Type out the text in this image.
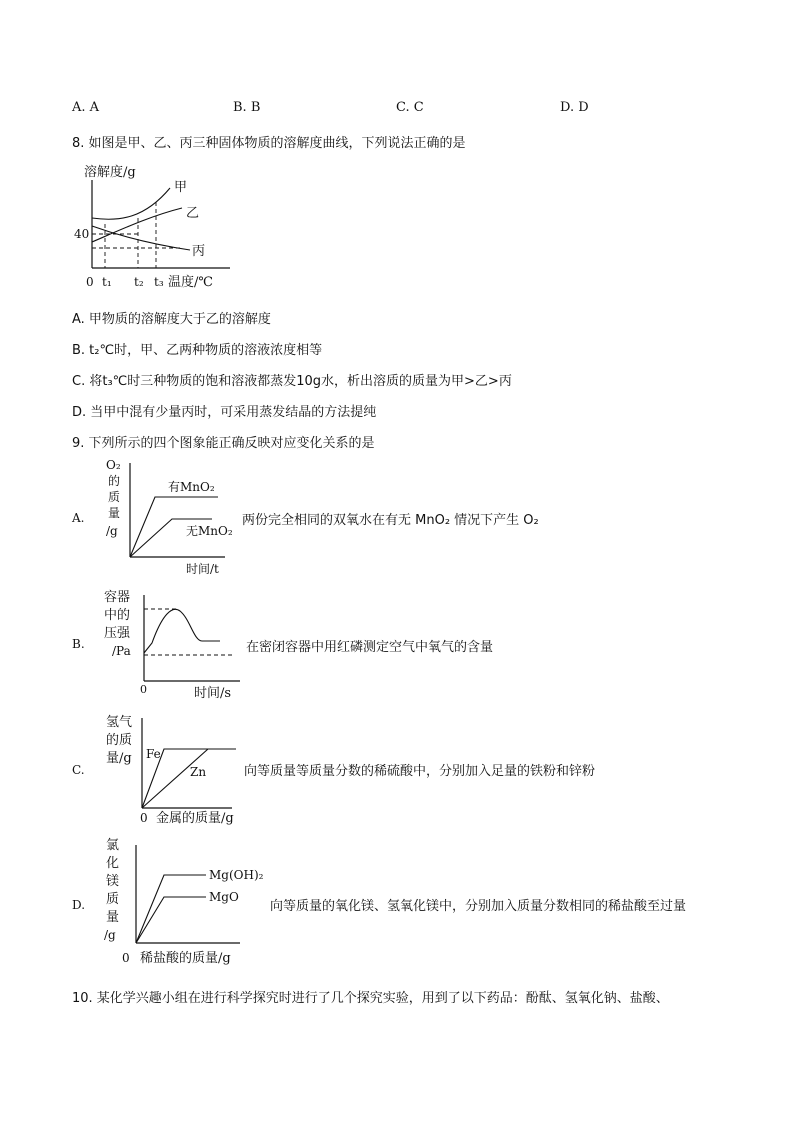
A. A	B. B	C. C	D. D
8. 如图是甲、乙、丙三种固体物质的溶解度曲线，下列说法正确的是
溶解度/g
40
0 t₁ t₂ t₃ 温度/℃
甲
乙
丙
A. 甲物质的溶解度大于乙的溶解度
B. t₂℃时，甲、乙两种物质的溶液浓度相等
C. 将t₃℃时三种物质的饱和溶液都蒸发10g水，析出溶质的质量为甲>乙>丙
D. 当甲中混有少量丙时，可采用蒸发结晶的方法提纯
9. 下列所示的四个图象能正确反映对应变化关系的是
A.
O₂
的
质
量
/g
有MnO₂
无MnO₂
时间/t
两份完全相同的双氧水在有无 MnO₂ 情况下产生 O₂
B.
容器
中的
压强
/Pa
0	时间/s
在密闭容器中用红磷测定空气中氧气的含量
C.
氢气
的质
量/g Fe
Zn
0 金属的质量/g
向等质量等质量分数的稀硫酸中，分别加入足量的铁粉和锌粉
D.
氯
化
镁
质
量
/g
Mg(OH)₂
MgO
0 稀盐酸的质量/g
向等质量的氧化镁、氢氧化镁中，分别加入质量分数相同的稀盐酸至过量
10. 某化学兴趣小组在进行科学探究时进行了几个探究实验，用到了以下药品：酚酞、氢氧化钠、盐酸、
